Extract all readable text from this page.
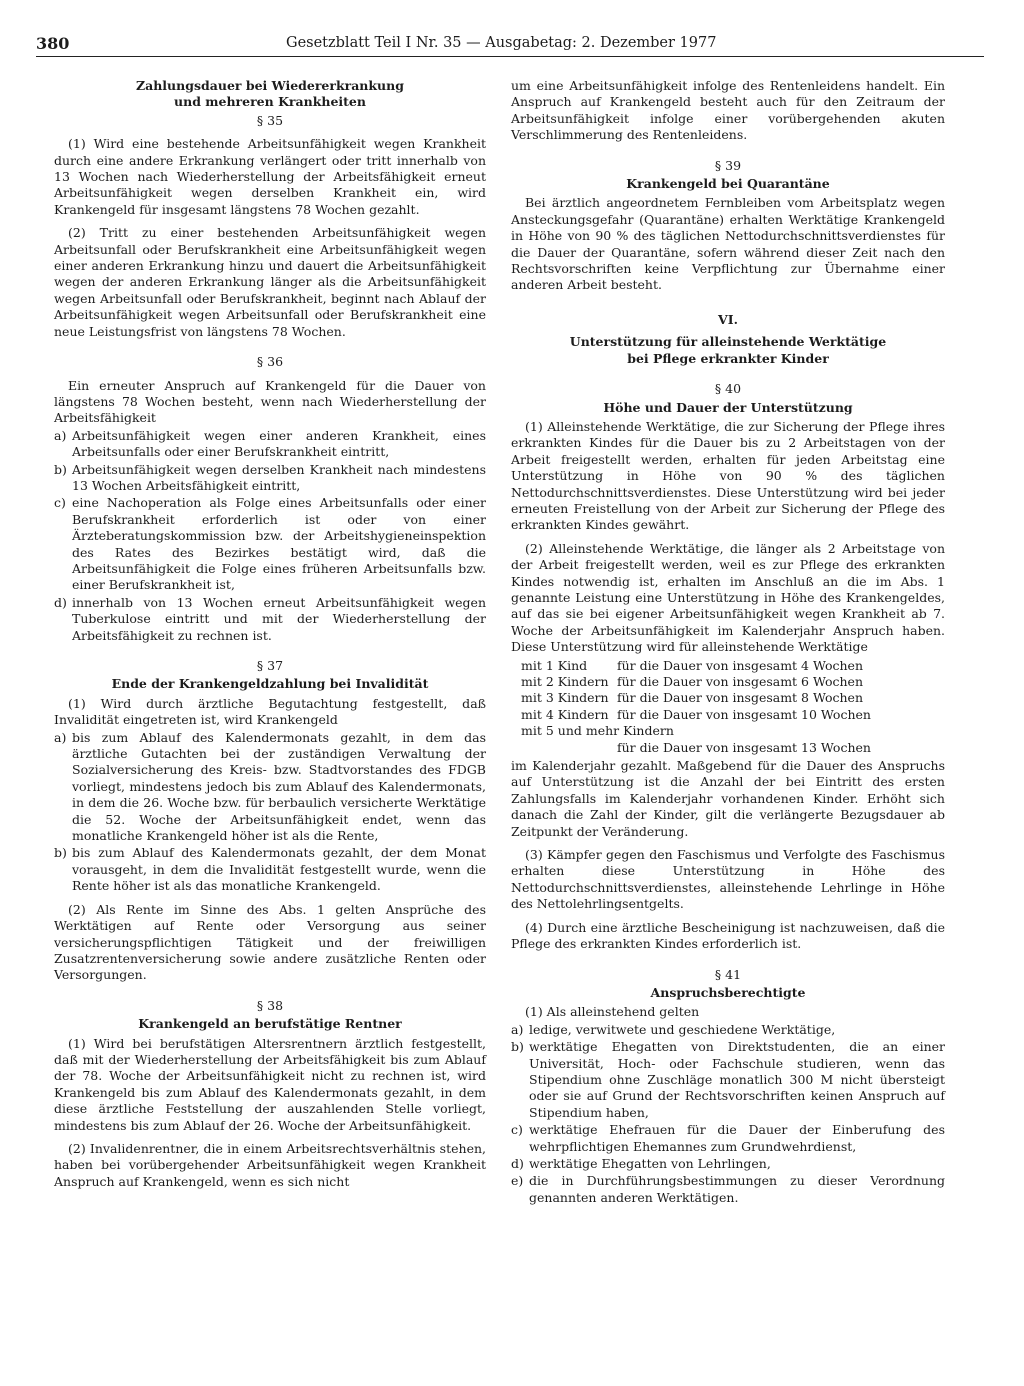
380	Gesetzblatt Teil I Nr. 35 — Ausgabetag: 2. Dezember 1977
Zahlungsdauer bei Wiedererkrankung und mehreren Krankheiten
§ 35

(1) Wird eine bestehende Arbeitsunfähigkeit wegen Krankheit durch eine andere Erkrankung verlängert oder tritt innerhalb von 13 Wochen nach Wiederherstellung der Arbeitsfähigkeit erneut Arbeitsunfähigkeit wegen derselben Krankheit ein, wird Krankengeld für insgesamt längstens 78 Wochen gezahlt.

(2) Tritt zu einer bestehenden Arbeitsunfähigkeit wegen Arbeitsunfall oder Berufskrankheit eine Arbeitsunfähigkeit wegen einer anderen Erkrankung hinzu und dauert die Arbeitsunfähigkeit wegen der anderen Erkrankung länger als die Arbeitsunfähigkeit wegen Arbeitsunfall oder Berufskrankheit, beginnt nach Ablauf der Arbeitsunfähigkeit wegen Arbeitsunfall oder Berufskrankheit eine neue Leistungsfrist von längstens 78 Wochen.

§ 36

Ein erneuter Anspruch auf Krankengeld für die Dauer von längstens 78 Wochen besteht, wenn nach Wiederherstellung der Arbeitsfähigkeit

a) Arbeitsunfähigkeit wegen einer anderen Krankheit, eines Arbeitsunfalls oder einer Berufskrankheit eintritt,
b) Arbeitsunfähigkeit wegen derselben Krankheit nach mindestens 13 Wochen Arbeitsfähigkeit eintritt,
c) eine Nachoperation als Folge eines Arbeitsunfalls oder einer Berufskrankheit erforderlich ist oder von einer Ärzteberatungskommission bzw. der Arbeitshygieneinspektion des Rates des Bezirkes bestätigt wird, daß die Arbeitsunfähigkeit die Folge eines früheren Arbeitsunfalls bzw. einer Berufskrankheit ist,
d) innerhalb von 13 Wochen erneut Arbeitsunfähigkeit wegen Tuberkulose eintritt und mit der Wiederherstellung der Arbeitsfähigkeit zu rechnen ist.
§ 37
Ende der Krankengeldzahlung bei Invalidität

(1) Wird durch ärztliche Begutachtung festgestellt, daß Invalidität eingetreten ist, wird Krankengeld

a) bis zum Ablauf des Kalendermonats gezahlt, in dem das ärztliche Gutachten bei der zuständigen Verwaltung der Sozialversicherung des Kreis- bzw. Stadtvorstandes des FDGB vorliegt, mindestens jedoch bis zum Ablauf des Kalendermonats, in dem die 26. Woche bzw. für berbaulich versicherte Werktätige die 52. Woche der Arbeitsunfähigkeit endet, wenn das monatliche Krankengeld höher ist als die Rente,
b) bis zum Ablauf des Kalendermonats gezahlt, der dem Monat vorausgeht, in dem die Invalidität festgestellt wurde, wenn die Rente höher ist als das monatliche Krankengeld.

(2) Als Rente im Sinne des Abs. 1 gelten Ansprüche des Werktätigen auf Rente oder Versorgung aus seiner versicherungspflichtigen Tätigkeit und der freiwilligen Zusatzrentenversicherung sowie andere zusätzliche Renten oder Versorgungen.

§ 38
Krankengeld an berufstätige Rentner

(1) Wird bei berufstätigen Altersrentnern ärztlich festgestellt, daß mit der Wiederherstellung der Arbeitsfähigkeit bis zum Ablauf der 78. Woche der Arbeitsunfähigkeit nicht zu rechnen ist, wird Krankengeld bis zum Ablauf des Kalendermonats gezahlt, in dem diese ärztliche Feststellung der auszahlenden Stelle vorliegt, mindestens bis zum Ablauf der 26. Woche der Arbeitsunfähigkeit.

(2) Invalidenrentner, die in einem Arbeitsrechtsverhältnis stehen, haben bei vorübergehender Arbeitsunfähigkeit wegen Krankheit Anspruch auf Krankengeld, wenn es sich nicht

um eine Arbeitsunfähigkeit infolge des Rentenleidens handelt. Ein Anspruch auf Krankengeld besteht auch für den Zeitraum der Arbeitsunfähigkeit infolge einer vorübergehenden akuten Verschlimmerung des Rentenleidens.

§ 39
Krankengeld bei Quarantäne

Bei ärztlich angeordnetem Fernbleiben vom Arbeitsplatz wegen Ansteckungsgefahr (Quarantäne) erhalten Werktätige Krankengeld in Höhe von 90 % des täglichen Nettodurchschnittsverdienstes für die Dauer der Quarantäne, sofern während dieser Zeit nach den Rechtsvorschriften keine Verpflichtung zur Übernahme einer anderen Arbeit besteht.

VI.
Unterstützung für alleinstehende Werktätige bei Pflege erkrankter Kinder
§ 40
Höhe und Dauer der Unterstützung

(1) Alleinstehende Werktätige, die zur Sicherung der Pflege ihres erkrankten Kindes für die Dauer bis zu 2 Arbeitstagen von der Arbeit freigestellt werden, erhalten für jeden Arbeitstag eine Unterstützung in Höhe von 90 % des täglichen Nettodurchschnittsverdienstes. Diese Unterstützung wird bei jeder erneuten Freistellung von der Arbeit zur Sicherung der Pflege des erkrankten Kindes gewährt.

(2) Alleinstehende Werktätige, die länger als 2 Arbeitstage von der Arbeit freigestellt werden, weil es zur Pflege des erkrankten Kindes notwendig ist, erhalten im Anschluß an die im Abs. 1 genannte Leistung eine Unterstützung in Höhe des Krankengeldes, auf das sie bei eigener Arbeitsunfähigkeit wegen Krankheit ab 7. Woche der Arbeitsunfähigkeit im Kalenderjahr Anspruch haben. Diese Unterstützung wird für alleinstehende Werktätige

mit 1 Kind	für die Dauer von insgesamt 4 Wochen
mit 2 Kindern für die Dauer von insgesamt 6 Wochen
mit 3 Kindern für die Dauer von insgesamt 8 Wochen
mit 4 Kindern für die Dauer von insgesamt 10 Wochen
mit 5 und mehr Kindern
für die Dauer von insgesamt 13 Wochen

im Kalenderjahr gezahlt. Maßgebend für die Dauer des Anspruchs auf Unterstützung ist die Anzahl der bei Eintritt des ersten Zahlungsfalls im Kalenderjahr vorhandenen Kinder. Erhöht sich danach die Zahl der Kinder, gilt die verlängerte Bezugsdauer ab Zeitpunkt der Veränderung.

(3) Kämpfer gegen den Faschismus und Verfolgte des Faschismus erhalten diese Unterstützung in Höhe des Nettodurchschnittsverdienstes, alleinstehende Lehrlinge in Höhe des Nettolehrlingsentgelts.

(4) Durch eine ärztliche Bescheinigung ist nachzuweisen, daß die Pflege des erkrankten Kindes erforderlich ist.

§ 41
Anspruchsberechtigte

(1) Als alleinstehend gelten

a) ledige, verwitwete und geschiedene Werktätige,
b) werktätige Ehegatten von Direktstudenten, die an einer Universität, Hoch- oder Fachschule studieren, wenn das Stipendium ohne Zuschläge monatlich 300 M nicht übersteigt oder sie auf Grund der Rechtsvorschriften keinen Anspruch auf Stipendium haben,
c) werktätige Ehefrauen für die Dauer der Einberufung des wehrpflichtigen Ehemannes zum Grundwehrdienst,
d) werktätige Ehegatten von Lehrlingen,
e) die in Durchführungsbestimmungen zu dieser Verordnung genannten anderen Werktätigen.
